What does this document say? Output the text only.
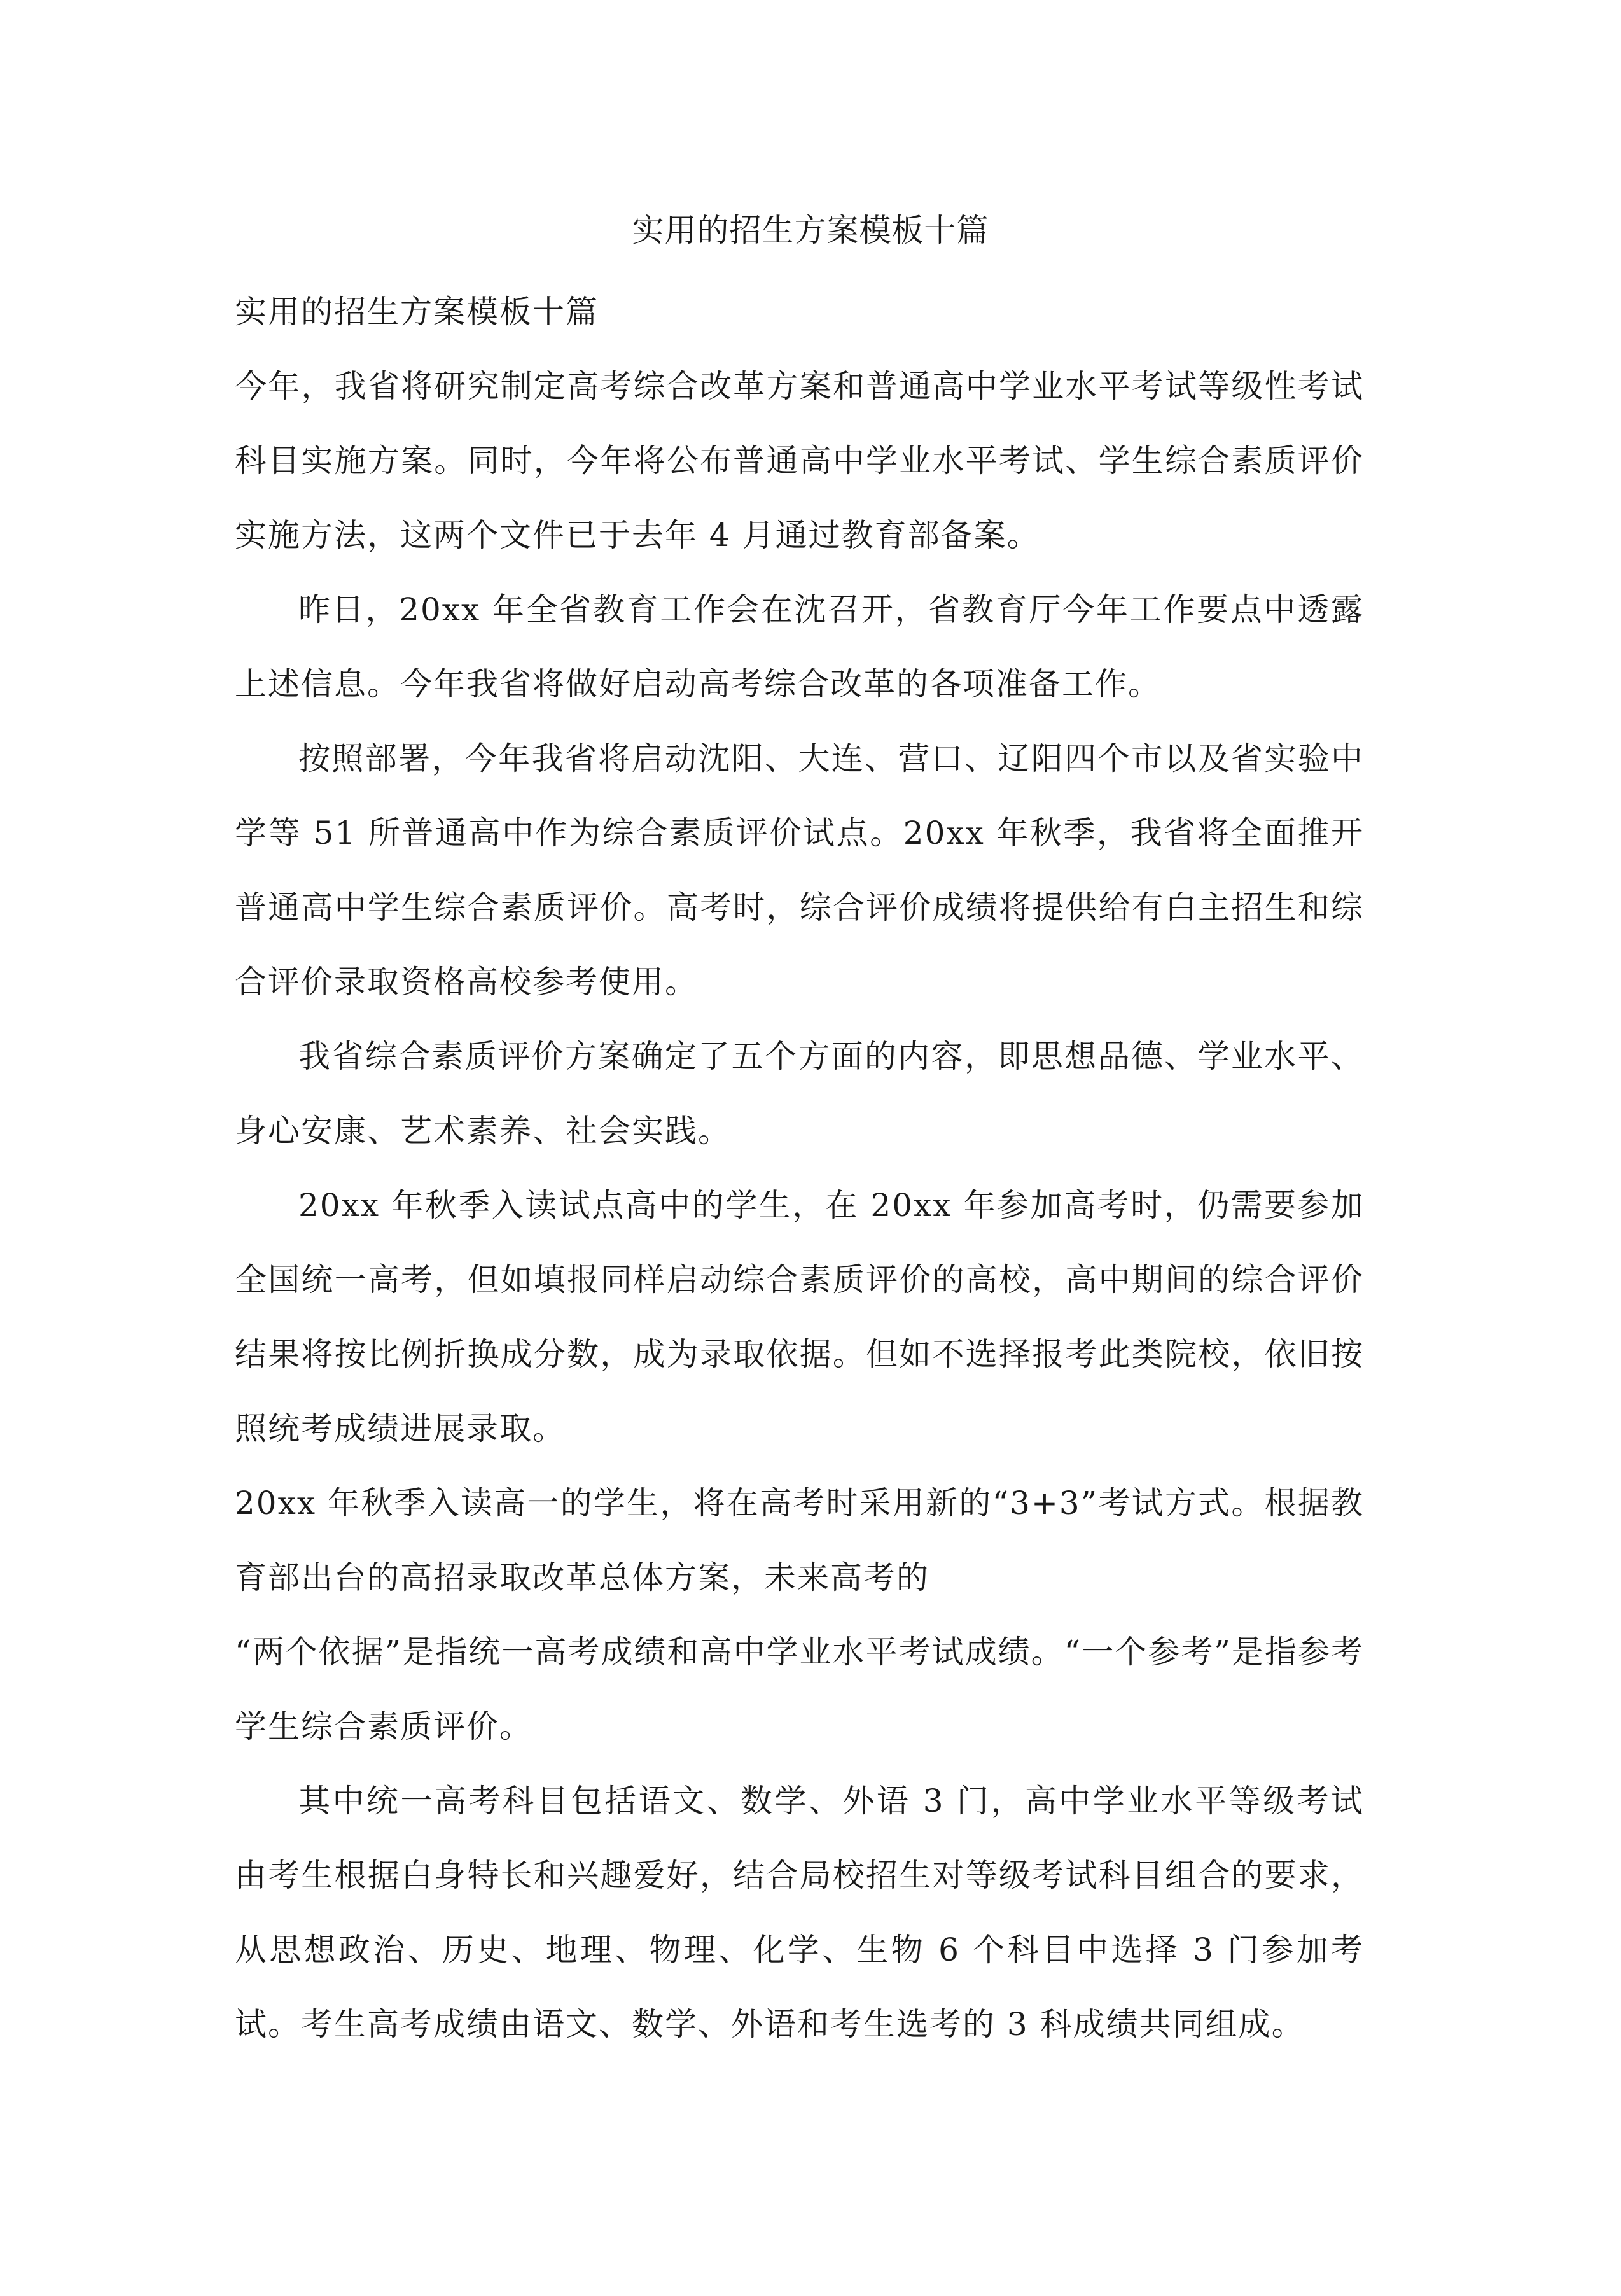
实用的招生方案模板十篇

实用的招生方案模板十篇

今年，我省将研究制定高考综合改革方案和普通高中学业水平考试等级性考试科目实施方案。同时，今年将公布普通高中学业水平考试、学生综合素质评价实施方法，这两个文件已于去年 4 月通过教育部备案。

昨日，20xx 年全省教育工作会在沈召开，省教育厅今年工作要点中透露上述信息。今年我省将做好启动高考综合改革的各项准备工作。

按照部署，今年我省将启动沈阳、大连、营口、辽阳四个市以及省实验中学等 51 所普通高中作为综合素质评价试点。20xx 年秋季，我省将全面推开普通高中学生综合素质评价。高考时，综合评价成绩将提供给有白主招生和综合评价录取资格高校参考使用。

我省综合素质评价方案确定了五个方面的内容，即思想品德、学业水平、身心安康、艺术素养、社会实践。

20xx 年秋季入读试点高中的学生，在 20xx 年参加高考时，仍需要参加全国统一高考，但如填报同样启动综合素质评价的高校，高中期间的综合评价结果将按比例折换成分数，成为录取依据。但如不选择报考此类院校，依旧按照统考成绩进展录取。

20xx 年秋季入读高一的学生，将在高考时采用新的“3+3”考试方式。根据教育部出台的高招录取改革总体方案，未来高考的

“两个依据”是指统一高考成绩和高中学业水平考试成绩。“一个参考”是指参考学生综合素质评价。

其中统一高考科目包括语文、数学、外语 3 门，高中学业水平等级考试由考生根据白身特长和兴趣爱好，结合局校招生对等级考试科目组合的要求，从思想政治、历史、地理、物理、化学、生物 6 个科目中选择 3 门参加考试。考生高考成绩由语文、数学、外语和考生选考的 3 科成绩共同组成。
